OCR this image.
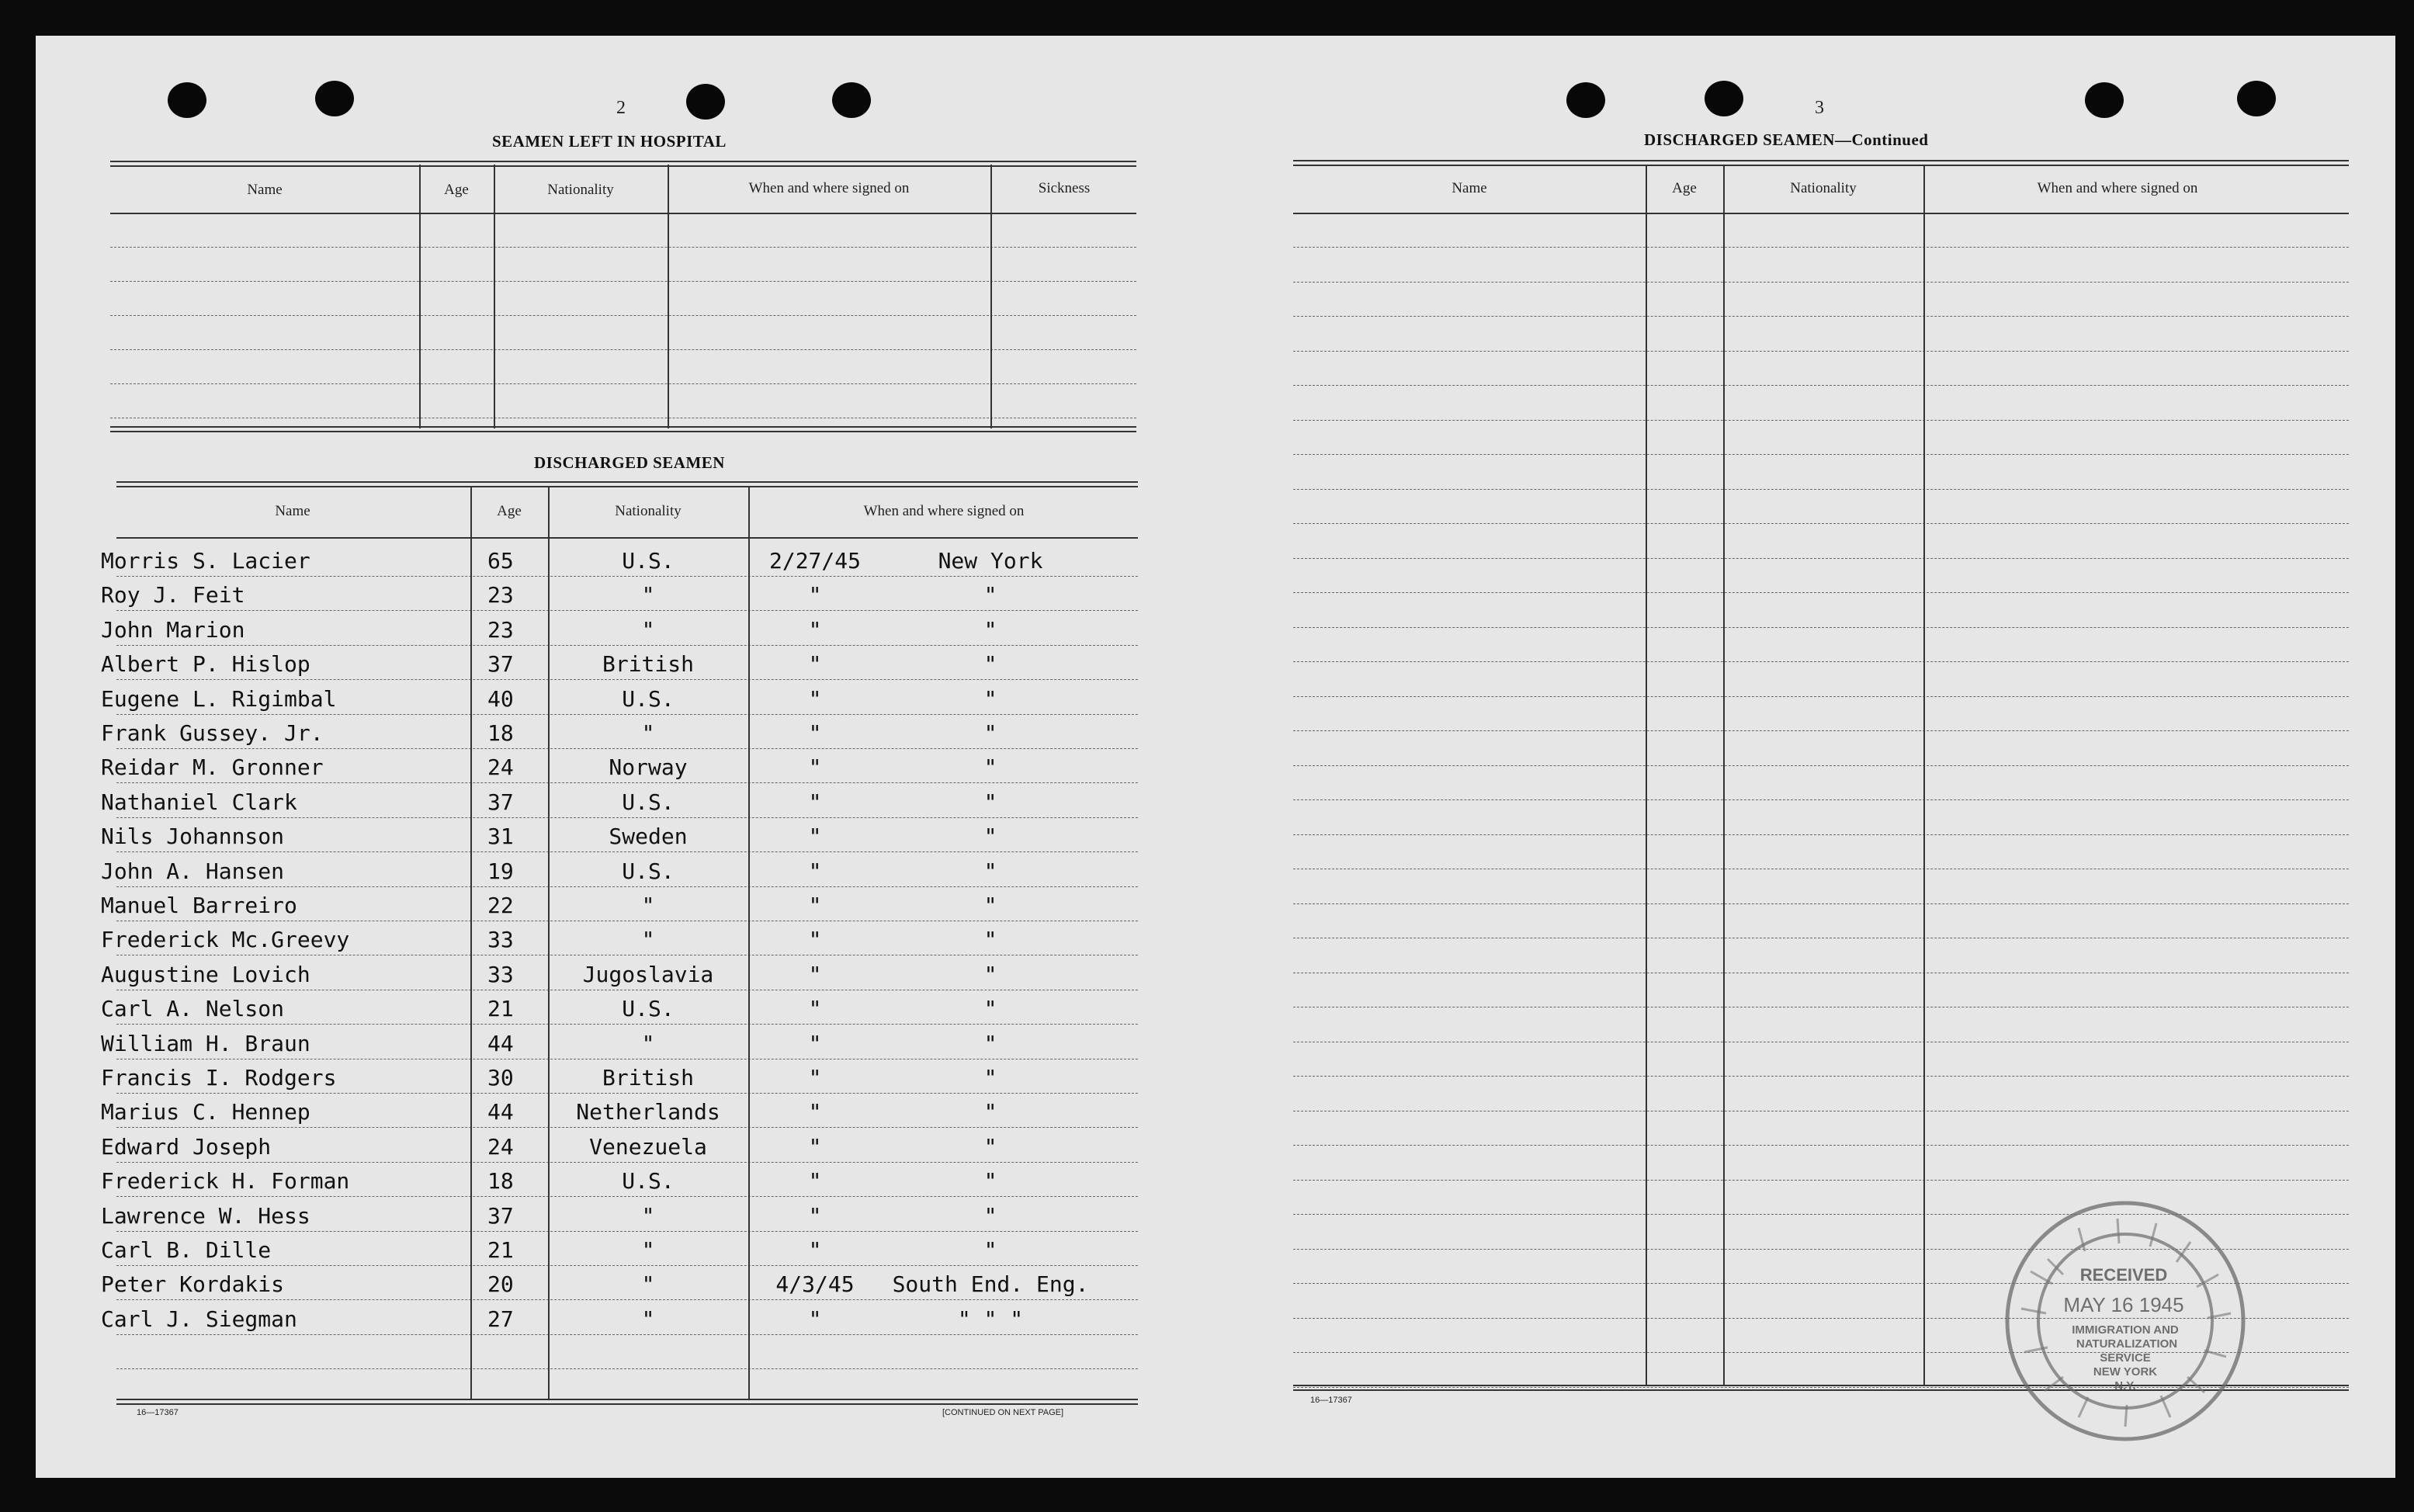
2
SEAMEN LEFT IN HOSPITAL
Name	Age	Nationality	When and where signed on	Sickness
DISCHARGED SEAMEN
Name	Age	Nationality	When and where signed on
Morris S. Lacier	65	U.S.	2/27/45	New York
Roy J. Feit	23	"	"	"
John Marion	23	"	"	"
Albert P. Hislop	37	British	"	"
Eugene L. Rigimbal	40	U.S.	"	"
Frank Gussey. Jr.	18	"	"	"
Reidar M. Gronner	24	Norway	"	"
Nathaniel Clark	37	U.S.	"	"
Nils Johannson	31	Sweden	"	"
John A. Hansen	19	U.S.	"	"
Manuel Barreiro	22	"	"	"
Frederick Mc.Greevy	33	"	"	"
Augustine Lovich	33	Jugoslavia	"	"
Carl A. Nelson	21	U.S.	"	"
William H. Braun	44	"	"	"
Francis I. Rodgers	30	British	"	"
Marius C. Hennep	44	Netherlands	"	"
Edward Joseph	24	Venezuela	"	"
Frederick H. Forman	18	U.S.	"	"
Lawrence W. Hess	37	"	"	"
Carl B. Dille	21	"	"	"
Peter Kordakis	20	"	4/3/45	South End. Eng.
Carl J. Siegman	27	"	"	" " "
16—17367	[CONTINUED ON NEXT PAGE]
3
DISCHARGED SEAMEN—Continued
Name	Age	Nationality	When and where signed on
16—17367
RECEIVED
MAY 16 1945
IMMIGRATION AND
NATURALIZATION
SERVICE
NEW YORK
N.Y.
